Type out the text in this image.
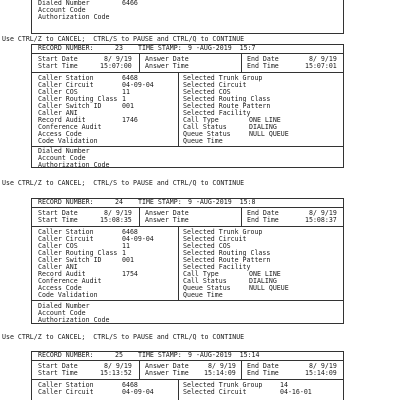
Dialed Number	6466
Account Code
Authorization Code
Use CTRL/Z to CANCEL;  CTRL/S to PAUSE and CTRL/Q to CONTINUE
RECORD NUMBER:	23 TIME STAMP: 9 -AUG-2019  15:7
Start Date	8/ 9/19
Start Time	15:07:00
Answer Date
Answer Time
End Date	8/ 9/19
End Time	15:07:01
Caller Station	6468
Caller Circuit	04-09-04
Caller COS	11
Caller Routing Class 1
Caller Switch ID	001
Caller ANI
Record Audit	1746
Conference Audit
Access Code
Code Validation
Selected Trunk Group
Selected Circuit
Selected COS
Selected Routing Class
Selected Route Pattern
Selected Facility
Call Type	ONE LINE
Call Status	DIALING
Queue Status	NULL QUEUE
Queue Time
Dialed Number
Account Code
Authorization Code
Use CTRL/Z to CANCEL;  CTRL/S to PAUSE and CTRL/Q to CONTINUE
RECORD NUMBER:	24 TIME STAMP: 9 -AUG-2019  15:8
Start Date	8/ 9/19
Start Time	15:08:35
Answer Date
Answer Time
End Date	8/ 9/19
End Time	15:08:37
Caller Station	6468
Caller Circuit	04-09-04
Caller COS	11
Caller Routing Class 1
Caller Switch ID	001
Caller ANI
Record Audit	1754
Conference Audit
Access Code
Code Validation
Selected Trunk Group
Selected Circuit
Selected COS
Selected Routing Class
Selected Route Pattern
Selected Facility
Call Type	ONE LINE
Call Status	DIALING
Queue Status	NULL QUEUE
Queue Time
Dialed Number
Account Code
Authorization Code
Use CTRL/Z to CANCEL;  CTRL/S to PAUSE and CTRL/Q to CONTINUE
RECORD NUMBER:	25 TIME STAMP: 9 -AUG-2019  15:14
Start Date	8/ 9/19
Start Time	15:13:52
Answer Date	8/ 9/19
Answer Time 15:14:09
End Date	8/ 9/19
End Time	15:14:09
Caller Station	6468
Caller Circuit	04-09-04
Selected Trunk Group	14
Selected Circuit	04-16-01
